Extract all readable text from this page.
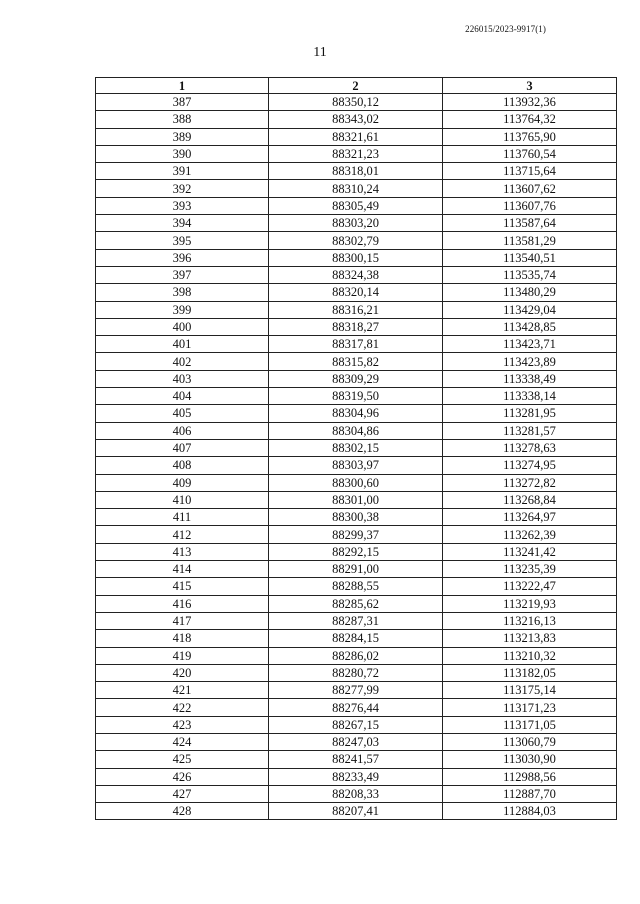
226015/2023-9917(1)
11
1	2	3
387	88350,12	113932,36
388	88343,02	113764,32
389	88321,61	113765,90
390	88321,23	113760,54
391	88318,01	113715,64
392	88310,24	113607,62
393	88305,49	113607,76
394	88303,20	113587,64
395	88302,79	113581,29
396	88300,15	113540,51
397	88324,38	113535,74
398	88320,14	113480,29
399	88316,21	113429,04
400	88318,27	113428,85
401	88317,81	113423,71
402	88315,82	113423,89
403	88309,29	113338,49
404	88319,50	113338,14
405	88304,96	113281,95
406	88304,86	113281,57
407	88302,15	113278,63
408	88303,97	113274,95
409	88300,60	113272,82
410	88301,00	113268,84
411	88300,38	113264,97
412	88299,37	113262,39
413	88292,15	113241,42
414	88291,00	113235,39
415	88288,55	113222,47
416	88285,62	113219,93
417	88287,31	113216,13
418	88284,15	113213,83
419	88286,02	113210,32
420	88280,72	113182,05
421	88277,99	113175,14
422	88276,44	113171,23
423	88267,15	113171,05
424	88247,03	113060,79
425	88241,57	113030,90
426	88233,49	112988,56
427	88208,33	112887,70
428	88207,41	112884,03
